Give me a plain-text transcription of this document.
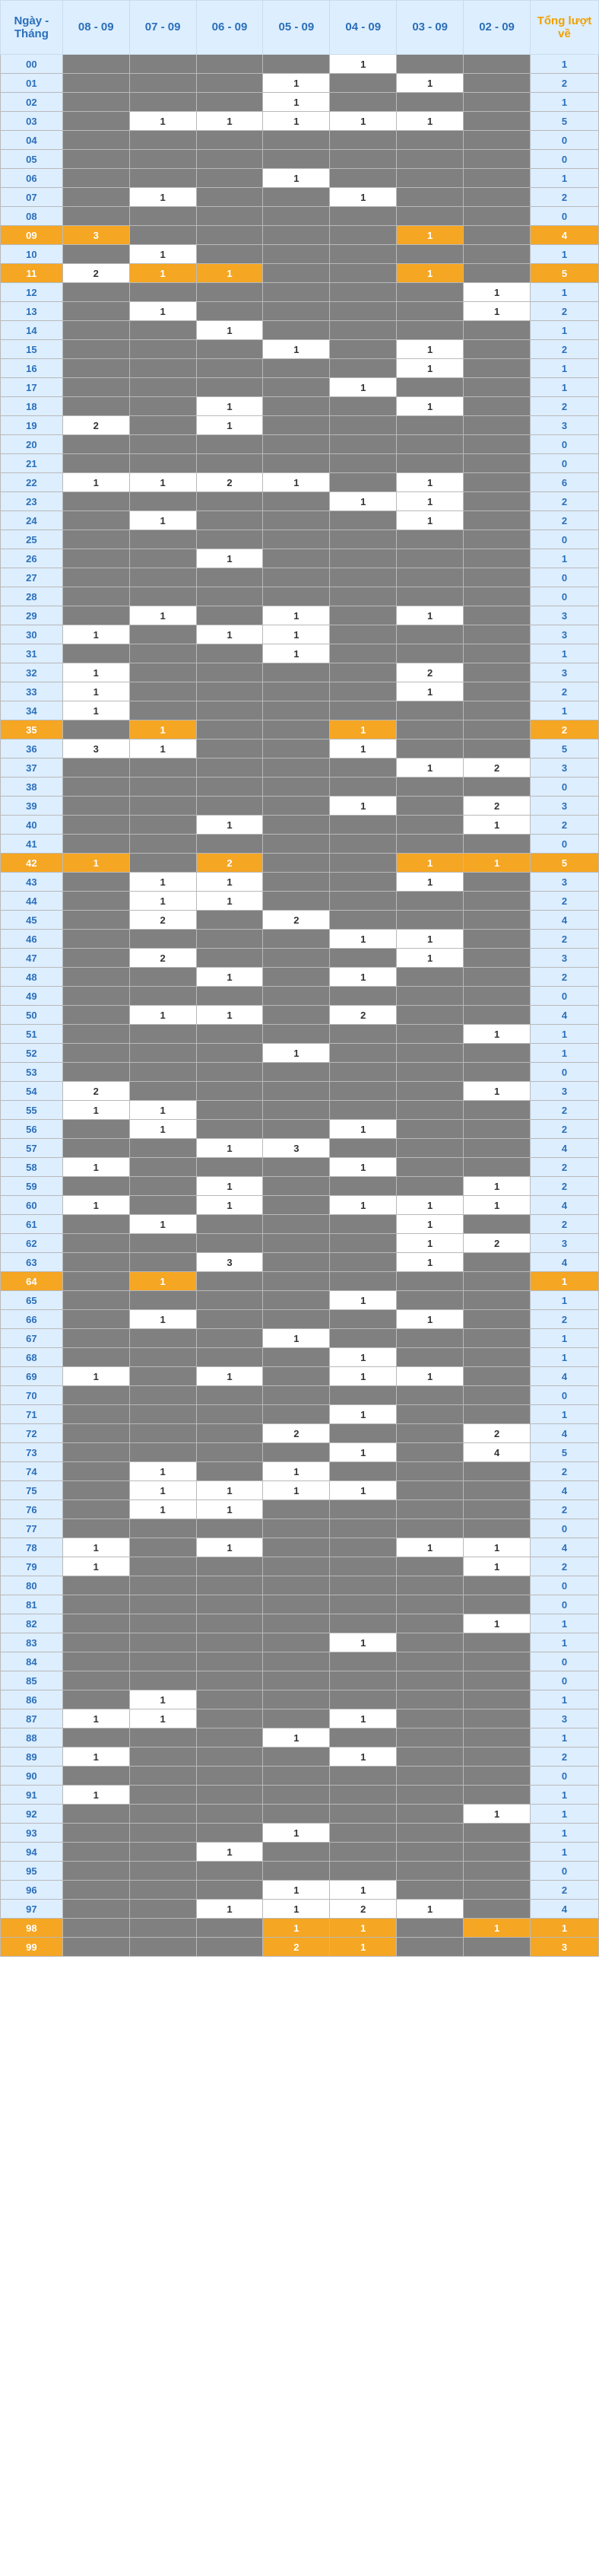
Ngày - Tháng	08 - 09	07 - 09	06 - 09	05 - 09	04 - 09	03 - 09	02 - 09	Tổng lượt về
00					1			1
01				1		1		2
02				1				1
03		1	1	1	1	1		5
04								0
05								0
06				1				1
07		1			1			2
08								0
09	3					1		4
10		1						1
11	2	1	1			1		5
12							1	1
13		1					1	2
14			1					1
15				1		1		2
16						1		1
17					1			1
18			1			1		2
19	2		1					3
20								0
21								0
22	1	1	2	1		1		6
23					1	1		2
24		1				1		2
25								0
26			1					1
27								0
28								0
29		1		1		1		3
30	1		1	1				3
31				1				1
32	1					2		3
33	1					1		2
34	1							1
35		1			1			2
36	3	1			1			5
37						1	2	3
38								0
39					1		2	3
40			1				1	2
41								0
42	1		2			1	1	5
43		1	1			1		3
44		1	1					2
45		2		2				4
46					1	1		2
47		2				1		3
48			1		1			2
49								0
50		1	1		2			4
51							1	1
52				1				1
53								0
54	2						1	3
55	1	1						2
56		1			1			2
57			1	3				4
58	1				1			2
59			1				1	2
60	1		1		1	1	1	4
61		1				1		2
62						1	2	3
63			3			1		4
64		1						1
65					1			1
66		1				1		2
67				1				1
68					1			1
69	1		1		1	1		4
70								0
71					1			1
72				2			2	4
73					1		4	5
74		1		1				2
75		1	1	1	1			4
76		1	1					2
77								0
78	1		1			1	1	4
79	1						1	2
80								0
81								0
82							1	1
83					1			1
84								0
85								0
86		1						1
87	1	1			1			3
88				1				1
89	1				1			2
90								0
91	1							1
92							1	1
93				1				1
94			1					1
95								0
96				1	1			2
97			1	1	2	1		4
98				1	1		1	1
99				2	1			3
